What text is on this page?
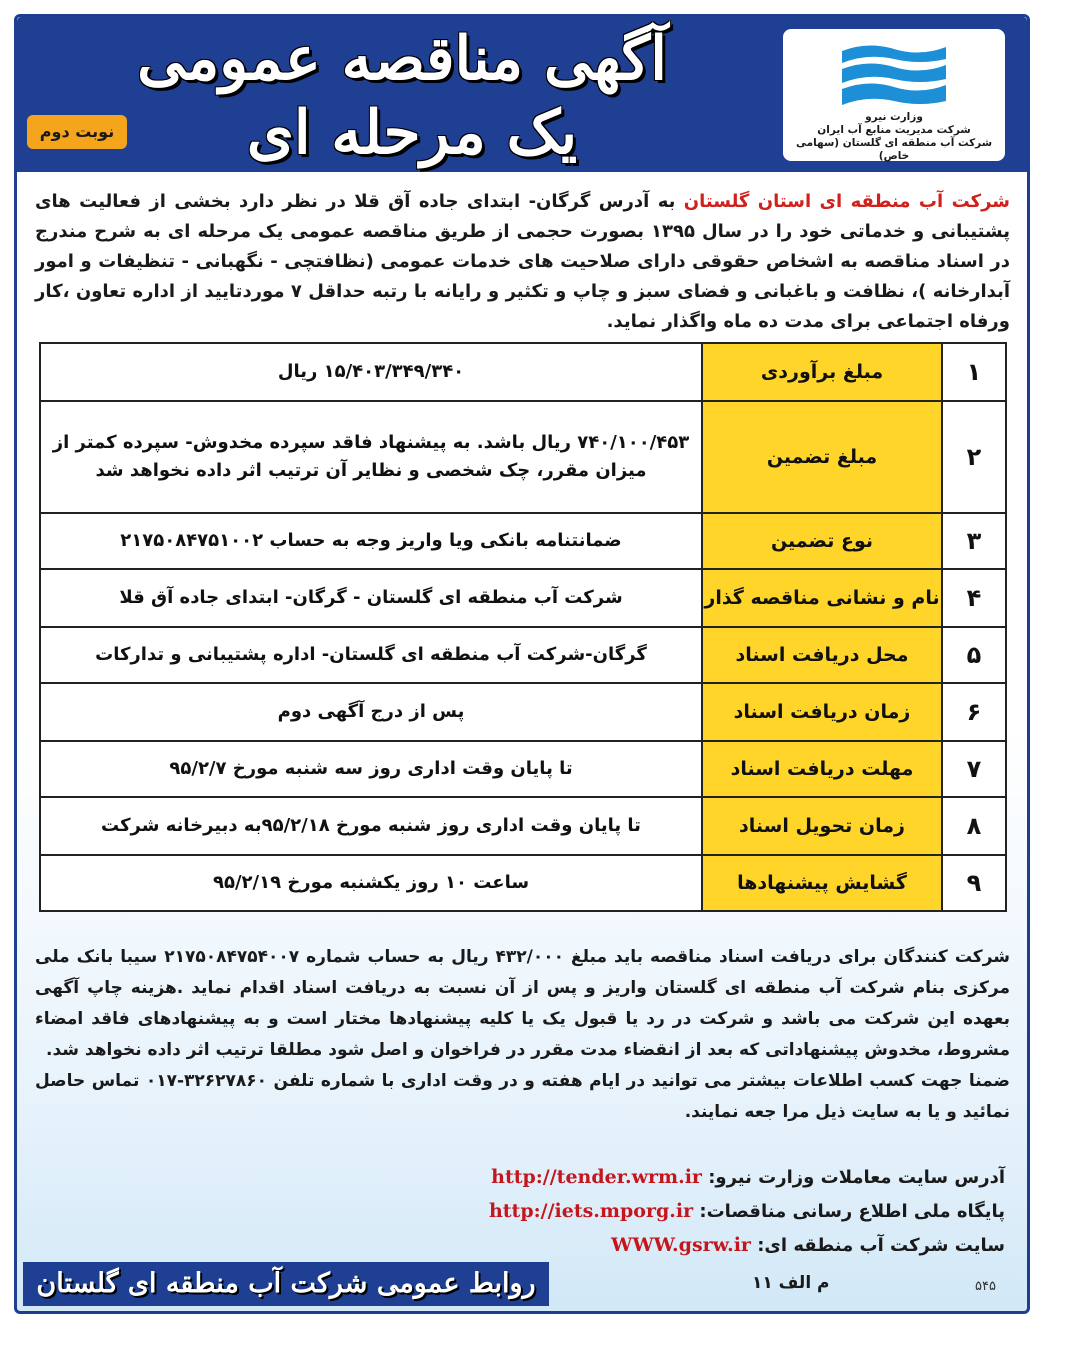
وزارت نیرو
شرکت مدیریت منابع آب ایران
شرکت آب منطقه ای گلستان (سهامی خاص)
آگهی مناقصه عمومی
یک مرحله ای
نوبت دوم
شرکت آب منطقه ای استان گلستان به آدرس گرگان- ابتدای جاده آق قلا در نظر دارد بخشی از فعالیت های پشتیبانی و خدماتی خود را در سال ۱۳۹۵ بصورت حجمی از طریق مناقصه عمومی یک مرحله ای به شرح مندرج در اسناد مناقصه به اشخاص حقوقی دارای صلاحیت های خدمات عمومی (نظافتچی - نگهبانی - تنظیفات و امور آبدارخانه )، نظافت و باغبانی و فضای سبز و چاپ و تکثیر و رایانه با رتبه حداقل ۷ موردتایید از اداره تعاون ،کار ورفاه اجتماعی برای مدت ده ماه واگذار نماید.
۱	مبلغ برآوردی	۱۵/۴۰۳/۳۴۹/۳۴۰ ریال
۲	مبلغ تضمین	۷۴۰/۱۰۰/۴۵۳ ریال باشد. به پیشنهاد فاقد سپرده مخدوش- سپرده کمتر از میزان مقرر، چک شخصی و نظایر آن ترتیب اثر داده نخواهد شد
۳	نوع تضمین	ضمانتنامه بانکی ویا واریز وجه به حساب ۲۱۷۵۰۸۴۷۵۱۰۰۲
۴	نام و نشانی مناقصه گذار	شرکت آب منطقه ای گلستان - گرگان- ابتدای جاده آق قلا
۵	محل دریافت اسناد	گرگان-شرکت آب منطقه ای گلستان- اداره پشتیبانی و تدارکات
۶	زمان دریافت اسناد	پس از درج آگهی دوم
۷	مهلت دریافت اسناد	تا پایان وقت اداری روز سه شنبه مورخ ۹۵/۲/۷
۸	زمان تحویل اسناد	تا پایان وقت اداری روز شنبه مورخ ۹۵/۲/۱۸به دبیرخانه شرکت
۹	گشایش پیشنهادها	ساعت ۱۰ روز یکشنبه مورخ ۹۵/۲/۱۹
شرکت کنندگان برای دریافت اسناد مناقصه باید مبلغ ۴۳۲/۰۰۰ ریال به حساب شماره ۲۱۷۵۰۸۴۷۵۴۰۰۷ سیبا بانک ملی مرکزی بنام شرکت آب منطقه ای گلستان واریز و پس از آن نسبت به دریافت اسناد اقدام نماید .هزینه چاپ آگهی بعهده این شرکت می باشد و شرکت در رد یا قبول یک یا کلیه پیشنهادها مختار است و به پیشنهادهای فاقد امضاء مشروط، مخدوش پیشنهاداتی که بعد از انقضاء مدت مقرر در فراخوان و اصل شود مطلقا ترتیب اثر داده نخواهد شد.
ضمنا جهت کسب اطلاعات بیشتر می توانید در ایام هفته و در وقت اداری با شماره تلفن ۳۲۶۲۷۸۶۰-۰۱۷ تماس حاصل نمائید و یا به سایت ذیل مرا جعه نمایند.
آدرس سایت معاملات وزارت نیرو: http://tender.wrm.ir
پایگاه ملی اطلاع رسانی مناقصات: http://iets.mporg.ir
سایت شرکت آب منطقه ای: WWW.gsrw.ir
روابط عمومی شرکت آب منطقه ای گلستان	م الف ۱۱	۵۴۵
